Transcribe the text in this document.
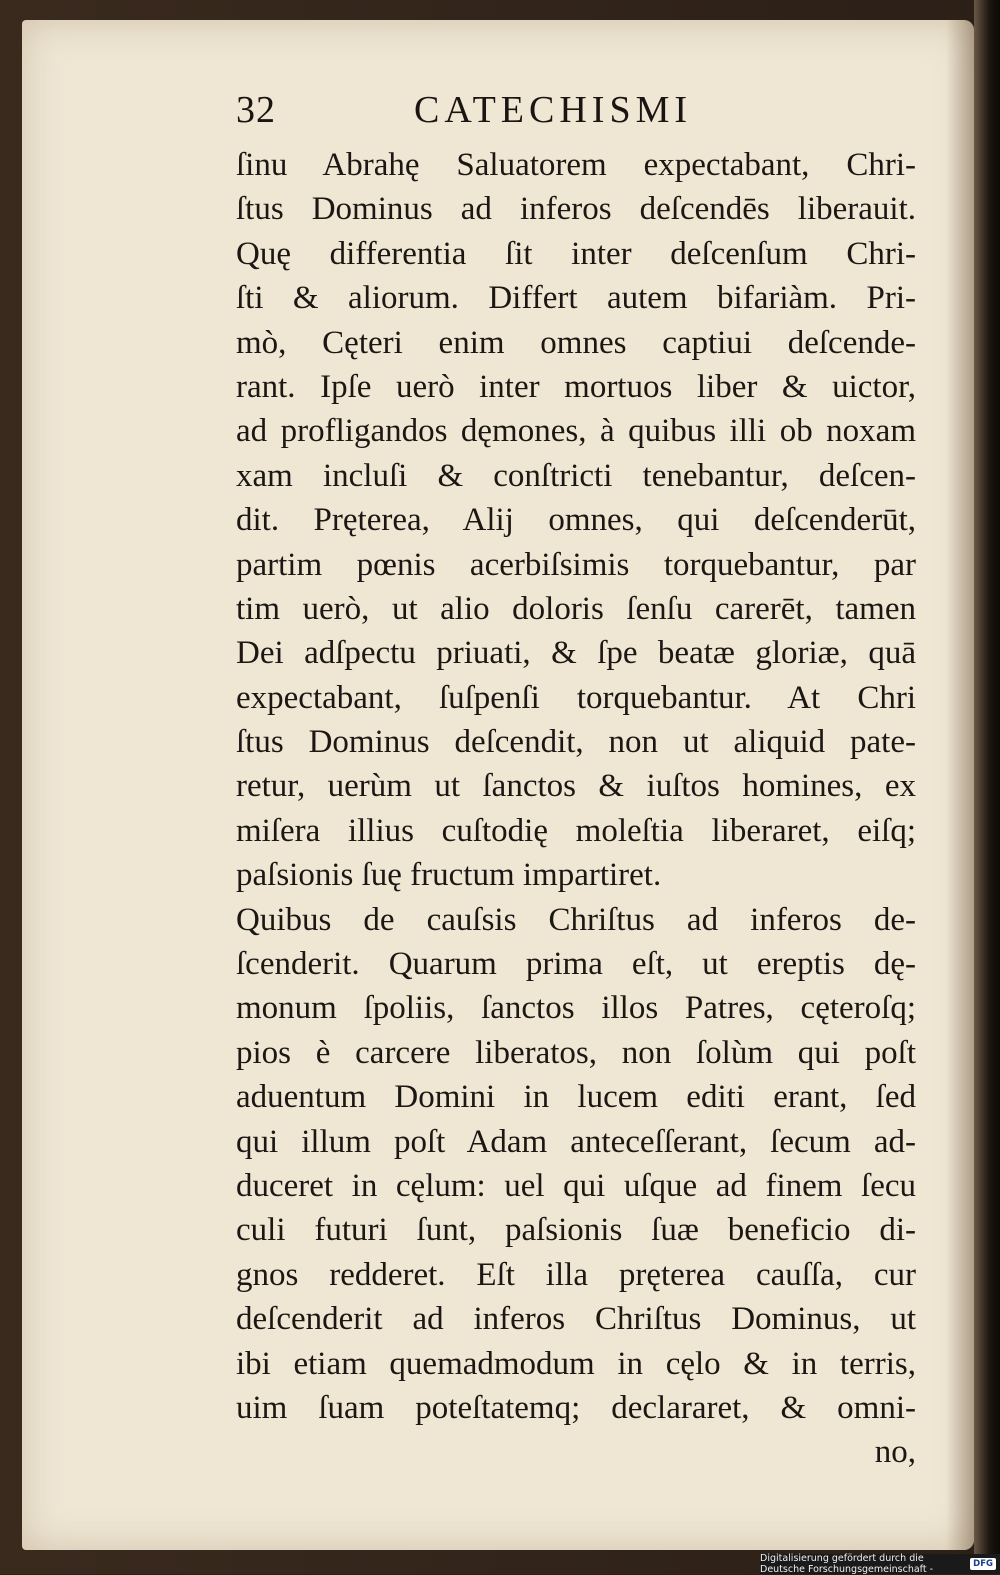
32	CATECHISMI
ſinu Abrahę Saluatorem expectabant, Chri-
ſtus Dominus ad inferos deſcendēs liberauit.
Quę differentia ſit inter deſcenſum Chri-
ſti & aliorum. Differt autem bifariàm. Pri-
mò, Cęteri enim omnes captiui deſcende-
rant. Ipſe uerò inter mortuos liber & uictor,
ad profligandos dęmones, à quibus illi ob noxam
xam incluſi & conſtricti tenebantur, deſcen-
dit. Pręterea, Alij omnes, qui deſcenderūt,
partim pœnis acerbiſsimis torquebantur, par
tim uerò, ut alio doloris ſenſu carerēt, tamen
Dei adſpectu priuati, & ſpe beatæ gloriæ, quā
expectabant, ſuſpenſi torquebantur. At Chri
ſtus Dominus deſcendit, non ut aliquid pate-
retur, uerùm ut ſanctos & iuſtos homines, ex
miſera illius cuſtodię moleſtia liberaret, eiſq;
paſsionis ſuę fructum impartiret.
Quibus de cauſsis Chriſtus ad inferos de-
ſcenderit. Quarum prima eſt, ut ereptis dę-
monum ſpoliis, ſanctos illos Patres, cęteroſq;
pios è carcere liberatos, non ſolùm qui poſt
aduentum Domini in lucem editi erant, ſed
qui illum poſt Adam anteceſſerant, ſecum ad-
duceret in cęlum: uel qui uſque ad finem ſecu
culi futuri ſunt, paſsionis ſuæ beneficio di-
gnos redderet. Eſt illa pręterea cauſſa, cur
deſcenderit ad inferos Chriſtus Dominus, ut
ibi etiam quemadmodum in cęlo & in terris,
uim ſuam poteſtatemq; declararet, & omni-
no,
Digitalisierung gefördert durch die Deutsche Forschungsgemeinschaft -	DFG
